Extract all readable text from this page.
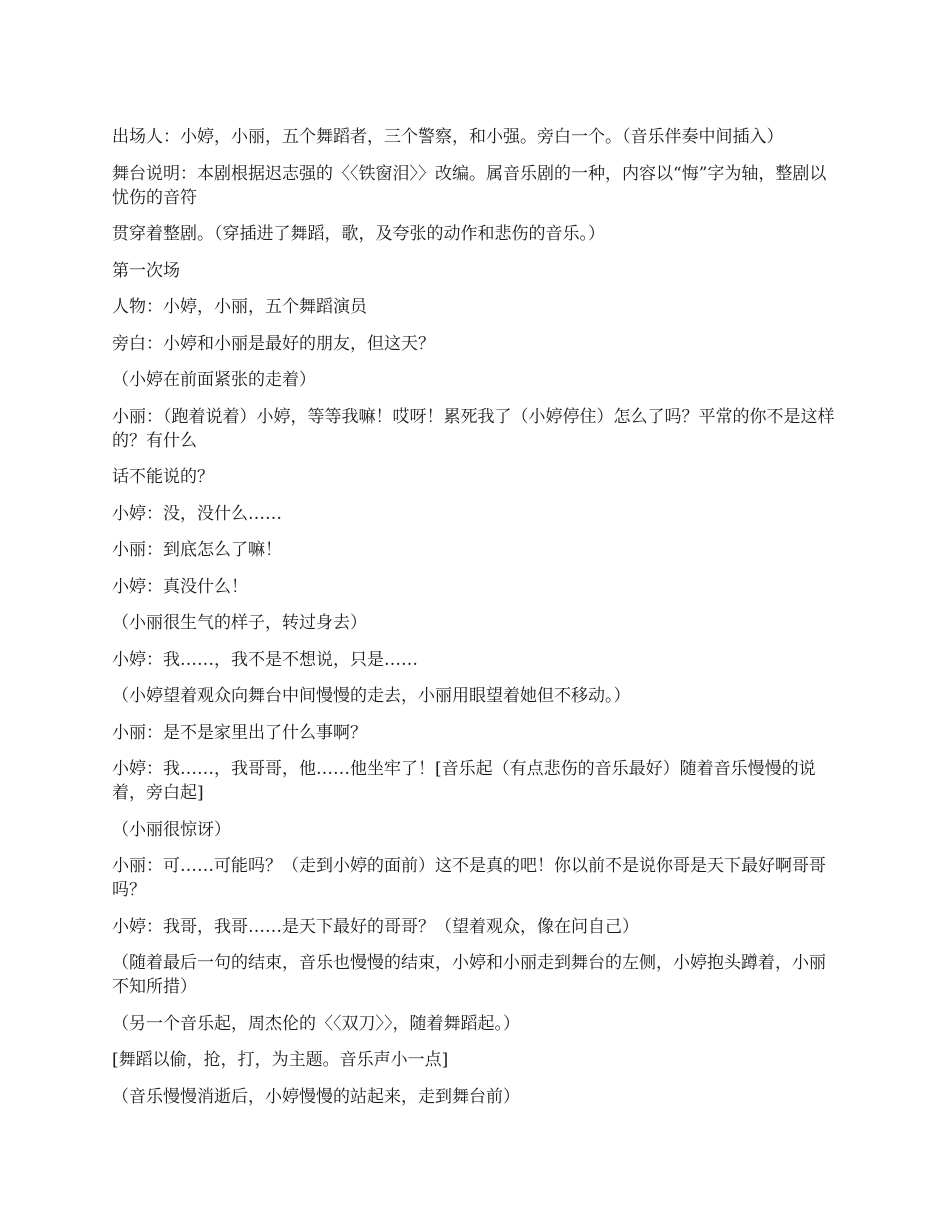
出场人：小婷，小丽，五个舞蹈者，三个警察，和小强。旁白一个。（音乐伴奏中间插入）

舞台说明：本剧根据迟志强的〈〈铁窗泪〉〉改编。属音乐剧的一种，内容以“悔”字为轴，整剧以忧伤的音符

贯穿着整剧。（穿插进了舞蹈，歌，及夸张的动作和悲伤的音乐。）

第一次场

人物：小婷，小丽，五个舞蹈演员

旁白：小婷和小丽是最好的朋友，但这天？

（小婷在前面紧张的走着）

小丽：（跑着说着）小婷，等等我嘛！哎呀！累死我了（小婷停住）怎么了吗？平常的你不是这样的？有什么

话不能说的？

小婷：没，没什么……

小丽：到底怎么了嘛！

小婷：真没什么！

（小丽很生气的样子，转过身去）

小婷：我……，我不是不想说，只是……

（小婷望着观众向舞台中间慢慢的走去，小丽用眼望着她但不移动。）

小丽：是不是家里出了什么事啊？

小婷：我……，我哥哥，他……他坐牢了！[音乐起（有点悲伤的音乐最好）随着音乐慢慢的说着，旁白起]

（小丽很惊讶）

小丽：可……可能吗？（走到小婷的面前）这不是真的吧！你以前不是说你哥是天下最好啊哥哥吗？

小婷：我哥，我哥……是天下最好的哥哥？（望着观众，像在问自己）

（随着最后一句的结束，音乐也慢慢的结束，小婷和小丽走到舞台的左侧，小婷抱头蹲着，小丽不知所措）

（另一个音乐起，周杰伦的〈〈双刀〉〉，随着舞蹈起。）

[舞蹈以偷，抢，打，为主题。音乐声小一点]

（音乐慢慢消逝后，小婷慢慢的站起来，走到舞台前）
